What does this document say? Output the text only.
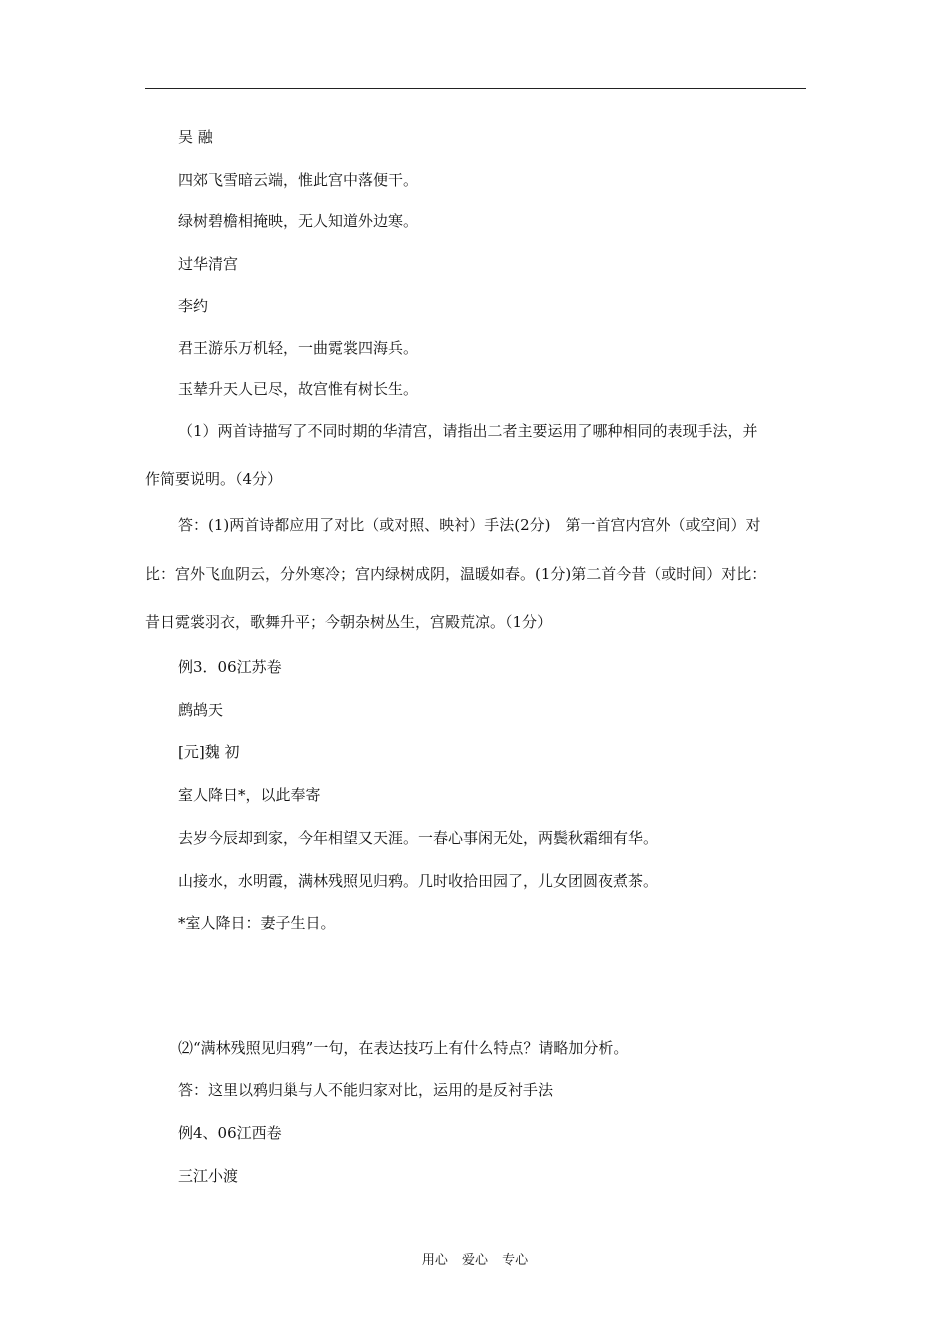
吴 融
四郊飞雪暗云端，惟此宫中落便干。
绿树碧檐相掩映，无人知道外边寒。
过华清宫
李约
君王游乐万机轻，一曲霓裳四海兵。
玉辇升天人已尽，故宫惟有树长生。
（1）两首诗描写了不同时期的华清宫，请指出二者主要运用了哪种相同的表现手法，并
作简要说明。（4分）
答：(1)两首诗都应用了对比（或对照、映衬）手法(2分)　第一首宫内宫外（或空间）对
比：宫外飞血阴云，分外寒冷；宫内绿树成阴，温暖如春。(1分)第二首今昔（或时间）对比：
昔日霓裳羽衣，歌舞升平；今朝杂树丛生，宫殿荒凉。（1分）
例3．06江苏卷
鹧鸪天
[元]魏 初
室人降日*，以此奉寄
去岁今辰却到家，今年相望又天涯。一春心事闲无处，两鬓秋霜细有华。
山接水，水明霞，满林残照见归鸦。几时收拾田园了，儿女团圆夜煮茶。
*室人降日：妻子生日。
⑵“满林残照见归鸦”一句，在表达技巧上有什么特点？请略加分析。
答：这里以鸦归巢与人不能归家对比，运用的是反衬手法
例4、06江西卷
三江小渡
用心 爱心 专心
